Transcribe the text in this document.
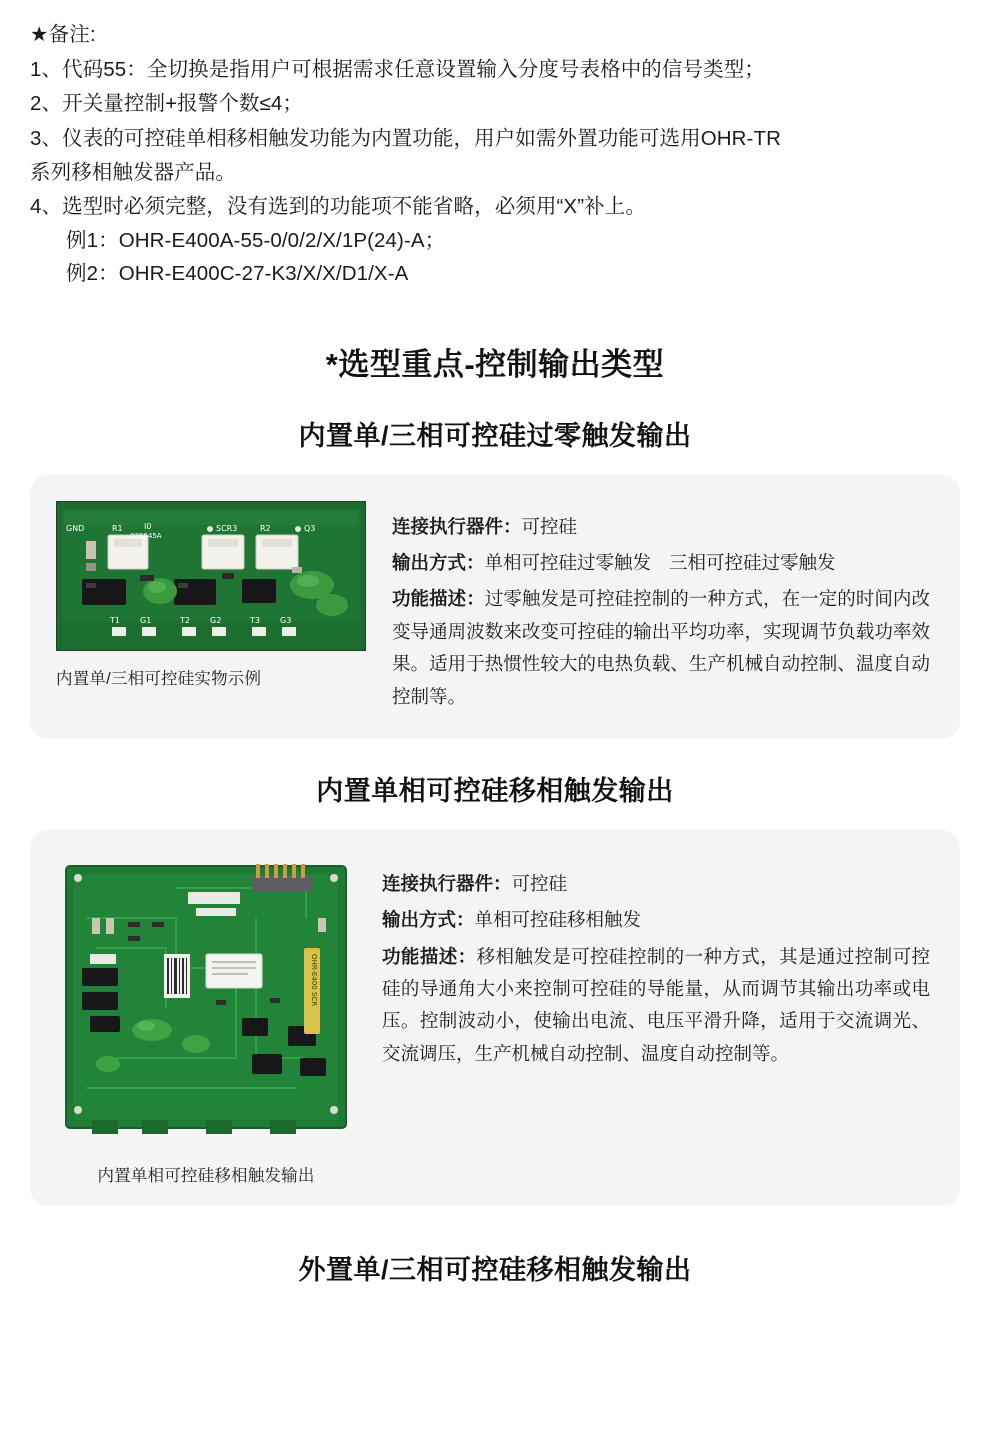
★备注:
1、代码55：全切换是指用户可根据需求任意设置输入分度号表格中的信号类型；
2、开关量控制+报警个数≤4；
3、仪表的可控硅单相移相触发功能为内置功能，用户如需外置功能可选用OHR-TR
系列移相触发器产品。
4、选型时必须完整，没有选到的功能项不能省略，必须用“X”补上。
例1：OHR-E400A-55-0/0/2/X/1P(24)-A；
例2：OHR-E400C-27-K3/X/X/D1/X-A
*选型重点-控制输出类型
内置单/三相可控硅过零触发输出
GND	R1	I0
039845A
SCR3	R2	Q3
T1	G1	T2	G2	T3	G3
内置单/三相可控硅实物示例
连接执行器件：可控硅
输出方式：单相可控硅过零触发 三相可控硅过零触发
功能描述：过零触发是可控硅控制的一种方式，在一定的时间内改变导通周波数来改变可控硅的输出平均功率，实现调节负载功率效果。适用于热惯性较大的电热负载、生产机械自动控制、温度自动控制等。
内置单相可控硅移相触发输出
OHR-E400 SCR
内置单相可控硅移相触发输出
连接执行器件：可控硅
输出方式：单相可控硅移相触发
功能描述：移相触发是可控硅控制的一种方式，其是通过控制可控硅的导通角大小来控制可控硅的导能量，从而调节其输出功率或电压。控制波动小，使输出电流、电压平滑升降，适用于交流调光、交流调压，生产机械自动控制、温度自动控制等。
外置单/三相可控硅移相触发输出
